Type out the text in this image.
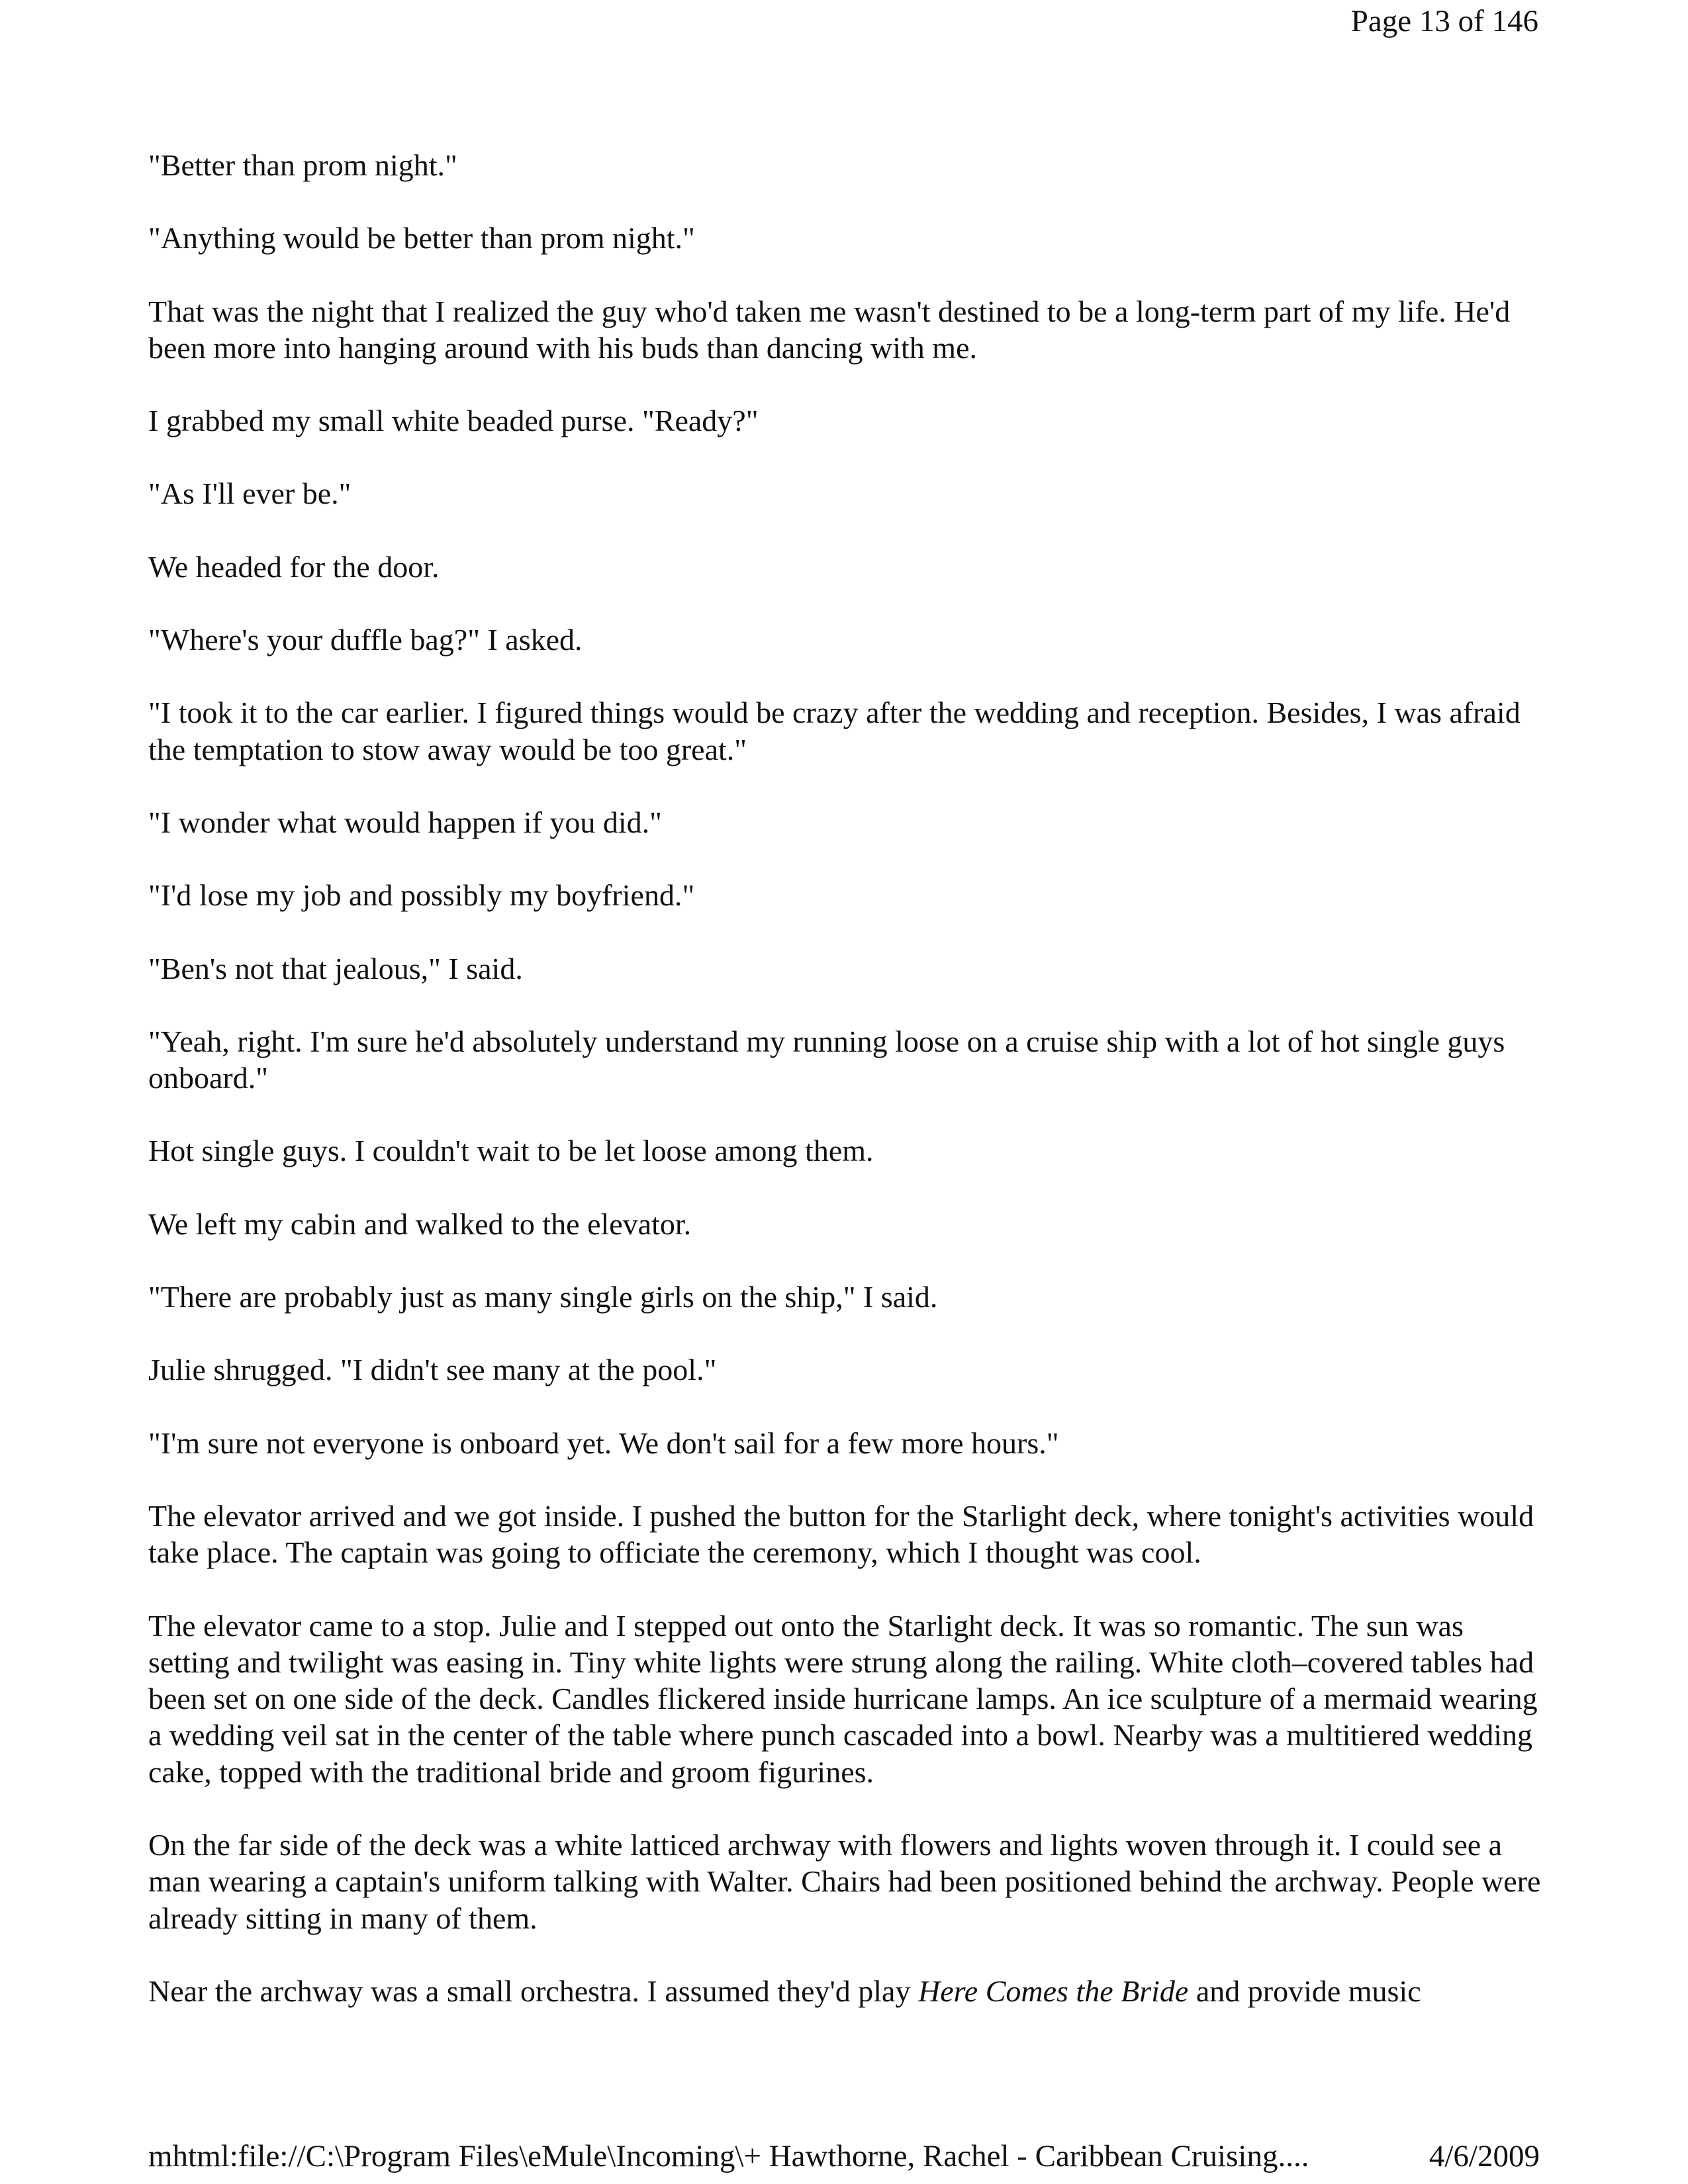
Page 13 of 146

"Better than prom night."

"Anything would be better than prom night."

That was the night that I realized the guy who'd taken me wasn't destined to be a long-term part of my life. He'd been more into hanging around with his buds than dancing with me.

I grabbed my small white beaded purse. "Ready?"

"As I'll ever be."

We headed for the door.

"Where's your duffle bag?" I asked.

"I took it to the car earlier. I figured things would be crazy after the wedding and reception. Besides, I was afraid the temptation to stow away would be too great."

"I wonder what would happen if you did."

"I'd lose my job and possibly my boyfriend."

"Ben's not that jealous," I said.

"Yeah, right. I'm sure he'd absolutely understand my running loose on a cruise ship with a lot of hot single guys onboard."

Hot single guys. I couldn't wait to be let loose among them.

We left my cabin and walked to the elevator.

"There are probably just as many single girls on the ship," I said.

Julie shrugged. "I didn't see many at the pool."

"I'm sure not everyone is onboard yet. We don't sail for a few more hours."

The elevator arrived and we got inside. I pushed the button for the Starlight deck, where tonight's activities would take place. The captain was going to officiate the ceremony, which I thought was cool.

The elevator came to a stop. Julie and I stepped out onto the Starlight deck. It was so romantic. The sun was setting and twilight was easing in. Tiny white lights were strung along the railing. White cloth–covered tables had been set on one side of the deck. Candles flickered inside hurricane lamps. An ice sculpture of a mermaid wearing a wedding veil sat in the center of the table where punch cascaded into a bowl. Nearby was a multitiered wedding cake, topped with the traditional bride and groom figurines.

On the far side of the deck was a white latticed archway with flowers and lights woven through it. I could see a man wearing a captain's uniform talking with Walter. Chairs had been positioned behind the archway. People were already sitting in many of them.

Near the archway was a small orchestra. I assumed they'd play Here Comes the Bride and provide music

mhtml:file://C:\Program Files\eMule\Incoming\+ Hawthorne, Rachel - Caribbean Cruising....	4/6/2009
